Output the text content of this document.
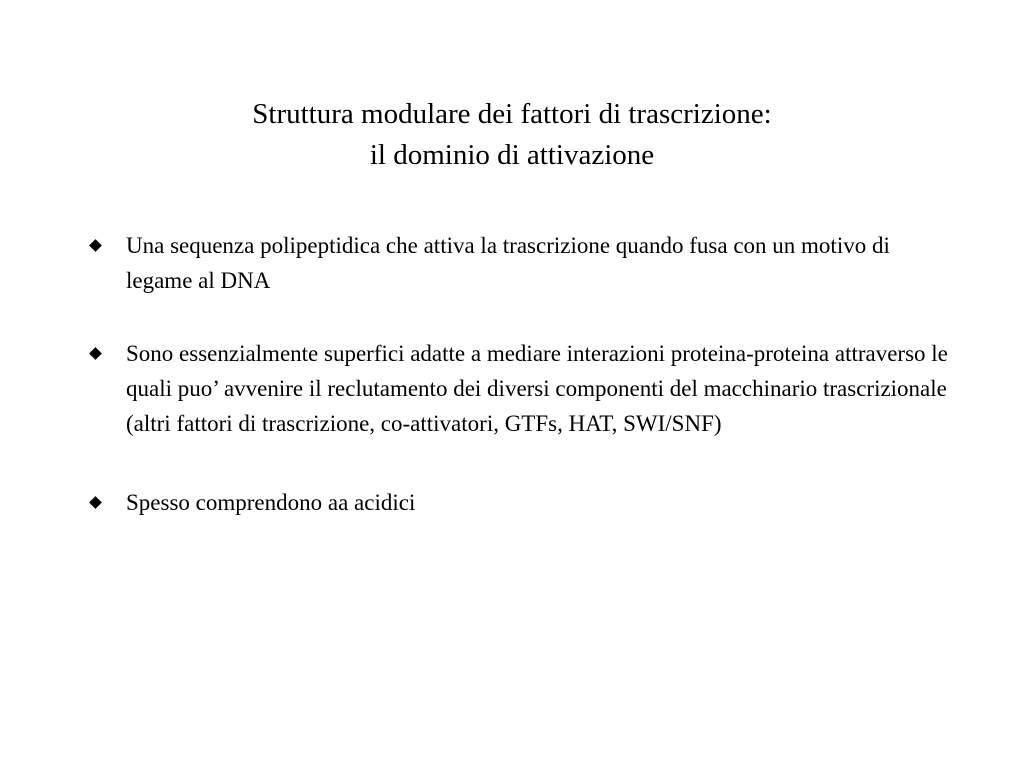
Struttura modulare dei fattori di trascrizione:
il dominio di attivazione
Una sequenza polipeptidica che attiva la trascrizione quando fusa con un motivo di legame al DNA
Sono essenzialmente superfici adatte a mediare interazioni proteina-proteina attraverso le quali puo’ avvenire il reclutamento dei diversi componenti del macchinario trascrizionale (altri fattori di trascrizione, co-attivatori, GTFs, HAT, SWI/SNF)
Spesso comprendono aa acidici
